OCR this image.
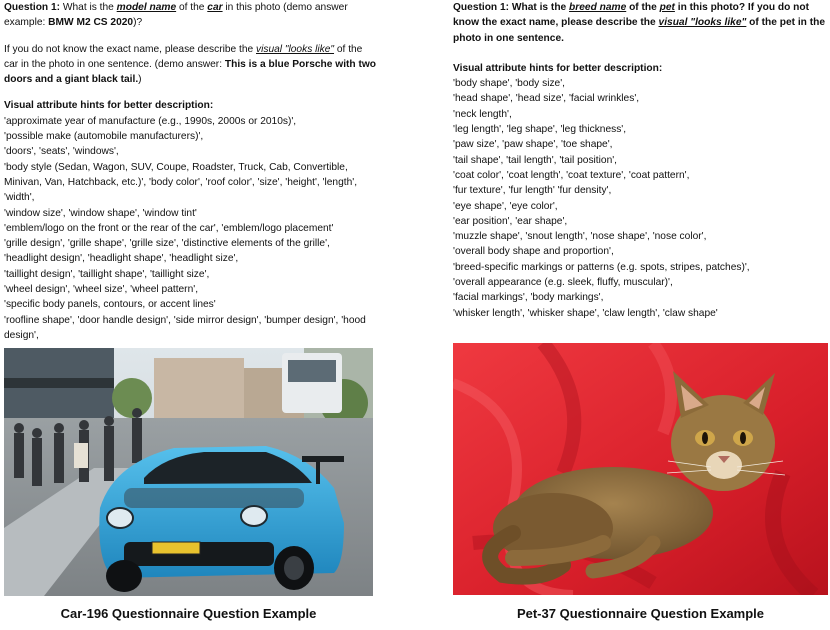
Question 1: What is the model name of the car in this photo (demo answer example: BMW M2 CS 2020)?

If you do not know the exact name, please describe the visual "looks like" of the car in the photo in one sentence. (demo answer: This is a blue Porsche with two doors and a giant black tail.)

Visual attribute hints for better description:

'approximate year of manufacture (e.g., 1990s, 2000s or 2010s)',
'possible make (automobile manufacturers)',
'doors', 'seats', 'windows',
'body style (Sedan, Wagon, SUV, Coupe, Roadster, Truck, Cab, Convertible, Minivan, Van, Hatchback, etc.)', 'body color', 'roof color', 'size', 'height', 'length', 'width',
'window size', 'window shape', 'window tint'
'emblem/logo on the front or the rear of the car', 'emblem/logo placement'
'grille design', 'grille shape', 'grille size', 'distinctive elements of the grille',
'headlight design', 'headlight shape', 'headlight size',
'taillight design', 'taillight shape', 'taillight size',
'wheel design', 'wheel size', 'wheel pattern',
'specific body panels, contours, or accent lines'
'roofline shape', 'door handle design', 'side mirror design', 'bumper design', 'hood design',

Question 1: What is the breed name of the pet in this photo? If you do not know the exact name, please describe the visual "looks like" of the pet in the photo in one sentence.

Visual attribute hints for better description:

'body shape', 'body size',
'head shape', 'head size', 'facial wrinkles',
'neck length',
'leg length', 'leg shape', 'leg thickness',
'paw size', 'paw shape', 'toe shape',
'tail shape', 'tail length', 'tail position',
'coat color', 'coat length', 'coat texture', 'coat pattern',
'fur texture', 'fur length' 'fur density',
'eye shape', 'eye color',
'ear position', 'ear shape',
'muzzle shape', 'snout length', 'nose shape', 'nose color',
'overall body shape and proportion',
'breed-specific markings or patterns (e.g. spots, stripes, patches)',
'overall appearance (e.g. sleek, fluffy, muscular)',
'facial markings', 'body markings',
'whisker length', 'whisker shape', 'claw length', 'claw shape'
Car-196 Questionnaire Question Example	Pet-37 Questionnaire Question Example
